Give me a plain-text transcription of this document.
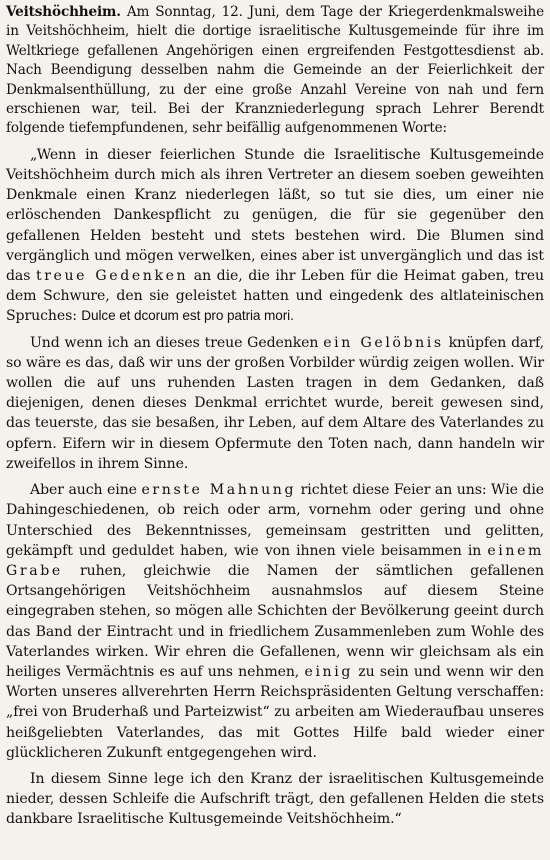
Veitshöchheim. Am Sonntag, 12. Juni, dem Tage der Kriegerdenkmalsweihe in Veitshöchheim, hielt die dortige israelitische Kultusgemeinde für ihre im Weltkriege gefallenen Angehörigen einen ergreifenden Festgottesdienst ab. Nach Beendigung desselben nahm die Gemeinde an der Feierlichkeit der Denkmalsenthüllung, zu der eine große Anzahl Vereine von nah und fern erschienen war, teil. Bei der Kranzniederlegung sprach Lehrer Berendt folgende tiefempfundenen, sehr beifällig aufgenommenen Worte:

„Wenn in dieser feierlichen Stunde die Israelitische Kultusgemeinde Veitshöchheim durch mich als ihren Vertreter an diesem soeben geweihten Denkmale einen Kranz niederlegen läßt, so tut sie dies, um einer nie erlöschenden Dankespflicht zu genügen, die für sie gegenüber den gefallenen Helden besteht und stets bestehen wird. Die Blumen sind vergänglich und mögen verwelken, eines aber ist unvergänglich und das ist das treue Gedenken an die, die ihr Leben für die Heimat gaben, treu dem Schwure, den sie geleistet hatten und eingedenk des altlateinischen Spruches: Dulce et dcorum est pro patria mori.

Und wenn ich an dieses treue Gedenken ein Gelöbnis knüpfen darf, so wäre es das, daß wir uns der großen Vorbilder würdig zeigen wollen. Wir wollen die auf uns ruhenden Lasten tragen in dem Gedanken, daß diejenigen, denen dieses Denkmal errichtet wurde, bereit gewesen sind, das teuerste, das sie besaßen, ihr Leben, auf dem Altare des Vaterlandes zu opfern. Eifern wir in diesem Opfermute den Toten nach, dann handeln wir zweifellos in ihrem Sinne.

Aber auch eine ernste Mahnung richtet diese Feier an uns: Wie die Dahingeschiedenen, ob reich oder arm, vornehm oder gering und ohne Unterschied des Bekenntnisses, gemeinsam gestritten und gelitten, gekämpft und geduldet haben, wie von ihnen viele beisammen in einem Grabe ruhen, gleichwie die Namen der sämtlichen gefallenen Ortsangehörigen Veitshöchheim ausnahmslos auf diesem Steine eingegraben stehen, so mögen alle Schichten der Bevölkerung geeint durch das Band der Eintracht und in friedlichem Zusammenleben zum Wohle des Vaterlandes wirken. Wir ehren die Gefallenen, wenn wir gleichsam als ein heiliges Vermächtnis es auf uns nehmen, einig zu sein und wenn wir den Worten unseres allverehrten Herrn Reichspräsidenten Geltung verschaffen: „frei von Bruderhaß und Parteizwist“ zu arbeiten am Wiederaufbau unseres heißgeliebten Vaterlandes, das mit Gottes Hilfe bald wieder einer glücklicheren Zukunft entgegengehen wird.

In diesem Sinne lege ich den Kranz der israelitischen Kultusgemeinde nieder, dessen Schleife die Aufschrift trägt, den gefallenen Helden die stets dankbare Israelitische Kultusgemeinde Veitshöchheim.“
